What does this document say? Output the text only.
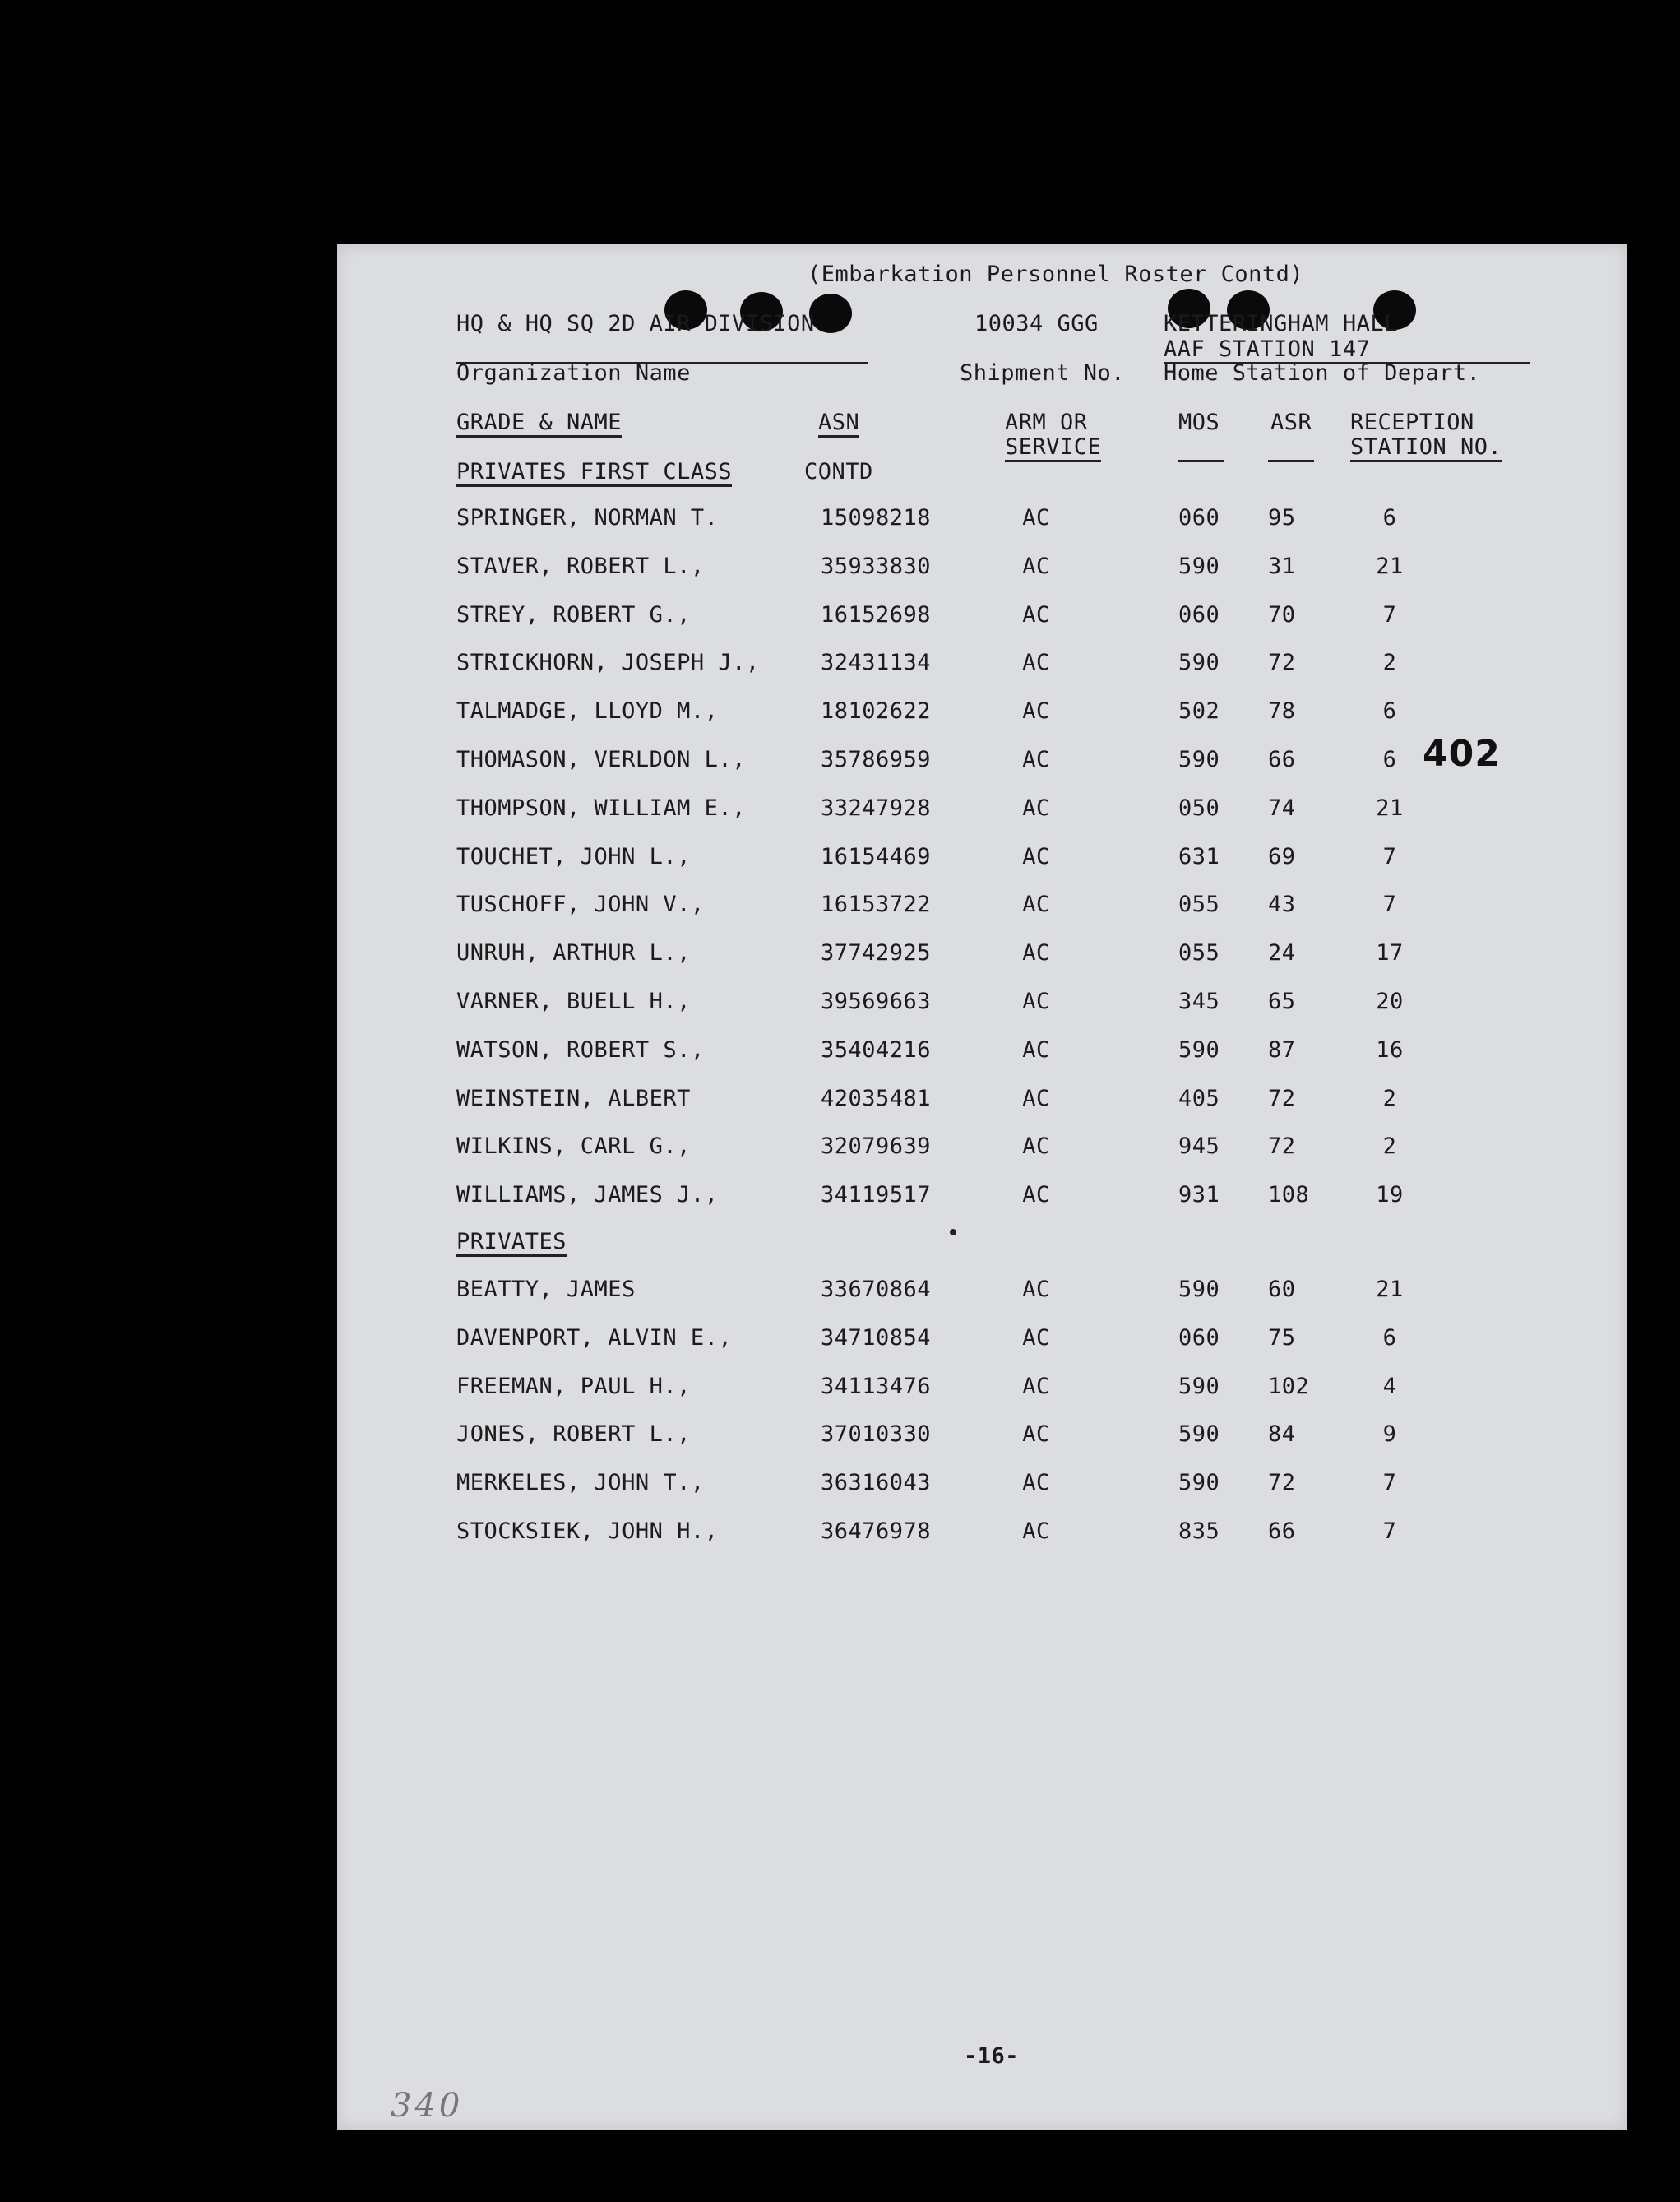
(Embarkation Personnel Roster Contd)
HQ & HQ SQ 2D AIR DIVISION
Organization Name
10034 GGG
Shipment No.
KETTERINGHAM HALL
AAF STATION 147
Home Station of Depart.
GRADE & NAME	ASN	ARM OR
SERVICE
MOS ASR RECEPTION
STATION NO.
PRIVATES FIRST CLASS	CONTD
SPRINGER, NORMAN T.	15098218	AC	060 95	6
STAVER, ROBERT L.,	35933830	AC	590 31	21
STREY, ROBERT G.,	16152698	AC	060 70	7
STRICKHORN, JOSEPH J.,	32431134	AC	590 72	2
TALMADGE, LLOYD M.,	18102622	AC	502 78	6
THOMASON, VERLDON L.,	35786959	AC	590 66	6
THOMPSON, WILLIAM E.,	33247928	AC	050 74	21
TOUCHET, JOHN L.,	16154469	AC	631 69	7
TUSCHOFF, JOHN V.,	16153722	AC	055 43	7
UNRUH, ARTHUR L.,	37742925	AC	055 24	17
VARNER, BUELL H.,	39569663	AC	345 65	20
WATSON, ROBERT S.,	35404216	AC	590 87	16
WEINSTEIN, ALBERT	42035481	AC	405 72	2
WILKINS, CARL G.,	32079639	AC	945 72	2
WILLIAMS, JAMES J.,	34119517	AC	931 108	19
PRIVATES
BEATTY, JAMES	33670864	AC	590 60	21
DAVENPORT, ALVIN E.,	34710854	AC	060 75	6
FREEMAN, PAUL H.,	34113476	AC	590 102	4
JONES, ROBERT L.,	37010330	AC	590 84	9
MERKELES, JOHN T.,	36316043	AC	590 72	7
STOCKSIEK, JOHN H.,	36476978	AC	835 66	7
402
-16-
340
